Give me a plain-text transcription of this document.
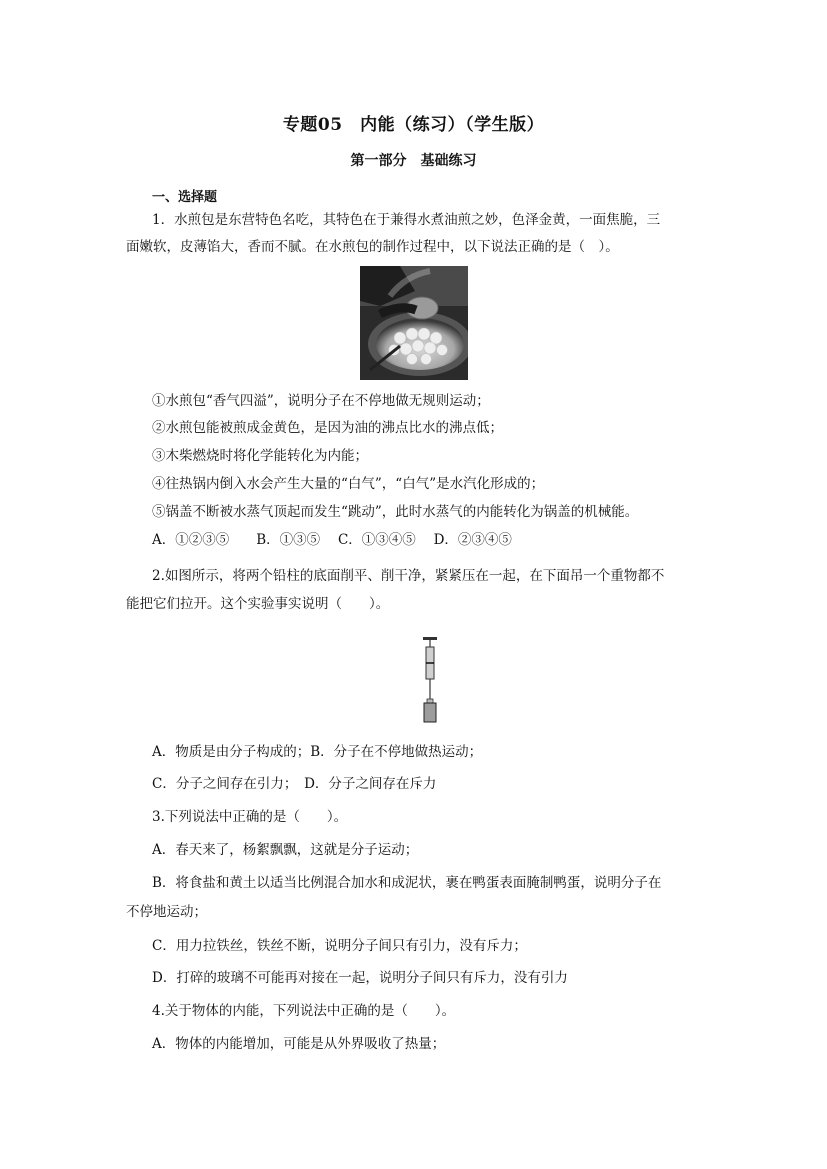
专题05　内能（练习）（学生版）
第一部分　基础练习
一、选择题
1．水煎包是东营特色名吃，其特色在于兼得水煮油煎之妙，色泽金黄，一面焦脆，三
面嫩软，皮薄馅大，香而不腻。在水煎包的制作过程中，以下说法正确的是（　）。
①水煎包“香气四溢”，说明分子在不停地做无规则运动；
②水煎包能被煎成金黄色，是因为油的沸点比水的沸点低；
③木柴燃烧时将化学能转化为内能；
④往热锅内倒入水会产生大量的“白气”，“白气”是水汽化形成的；
⑤锅盖不断被水蒸气顶起而发生“跳动”，此时水蒸气的内能转化为锅盖的机械能。
A．①②③⑤　　B．①③⑤　 C．①③④⑤　 D．②③④⑤
2.如图所示，将两个铅柱的底面削平、削干净，紧紧压在一起，在下面吊一个重物都不
能把它们拉开。这个实验事实说明（　　）。
A．物质是由分子构成的；B．分子在不停地做热运动；
C．分子之间存在引力；　D．分子之间存在斥力
3.下列说法中正确的是（　　）。
A．春天来了，杨絮飘飘，这就是分子运动；
B．将食盐和黄土以适当比例混合加水和成泥状，裹在鸭蛋表面腌制鸭蛋，说明分子在
不停地运动；
C．用力拉铁丝，铁丝不断，说明分子间只有引力，没有斥力；
D．打碎的玻璃不可能再对接在一起，说明分子间只有斥力，没有引力
4.关于物体的内能，下列说法中正确的是（　　）。
A．物体的内能增加，可能是从外界吸收了热量；
